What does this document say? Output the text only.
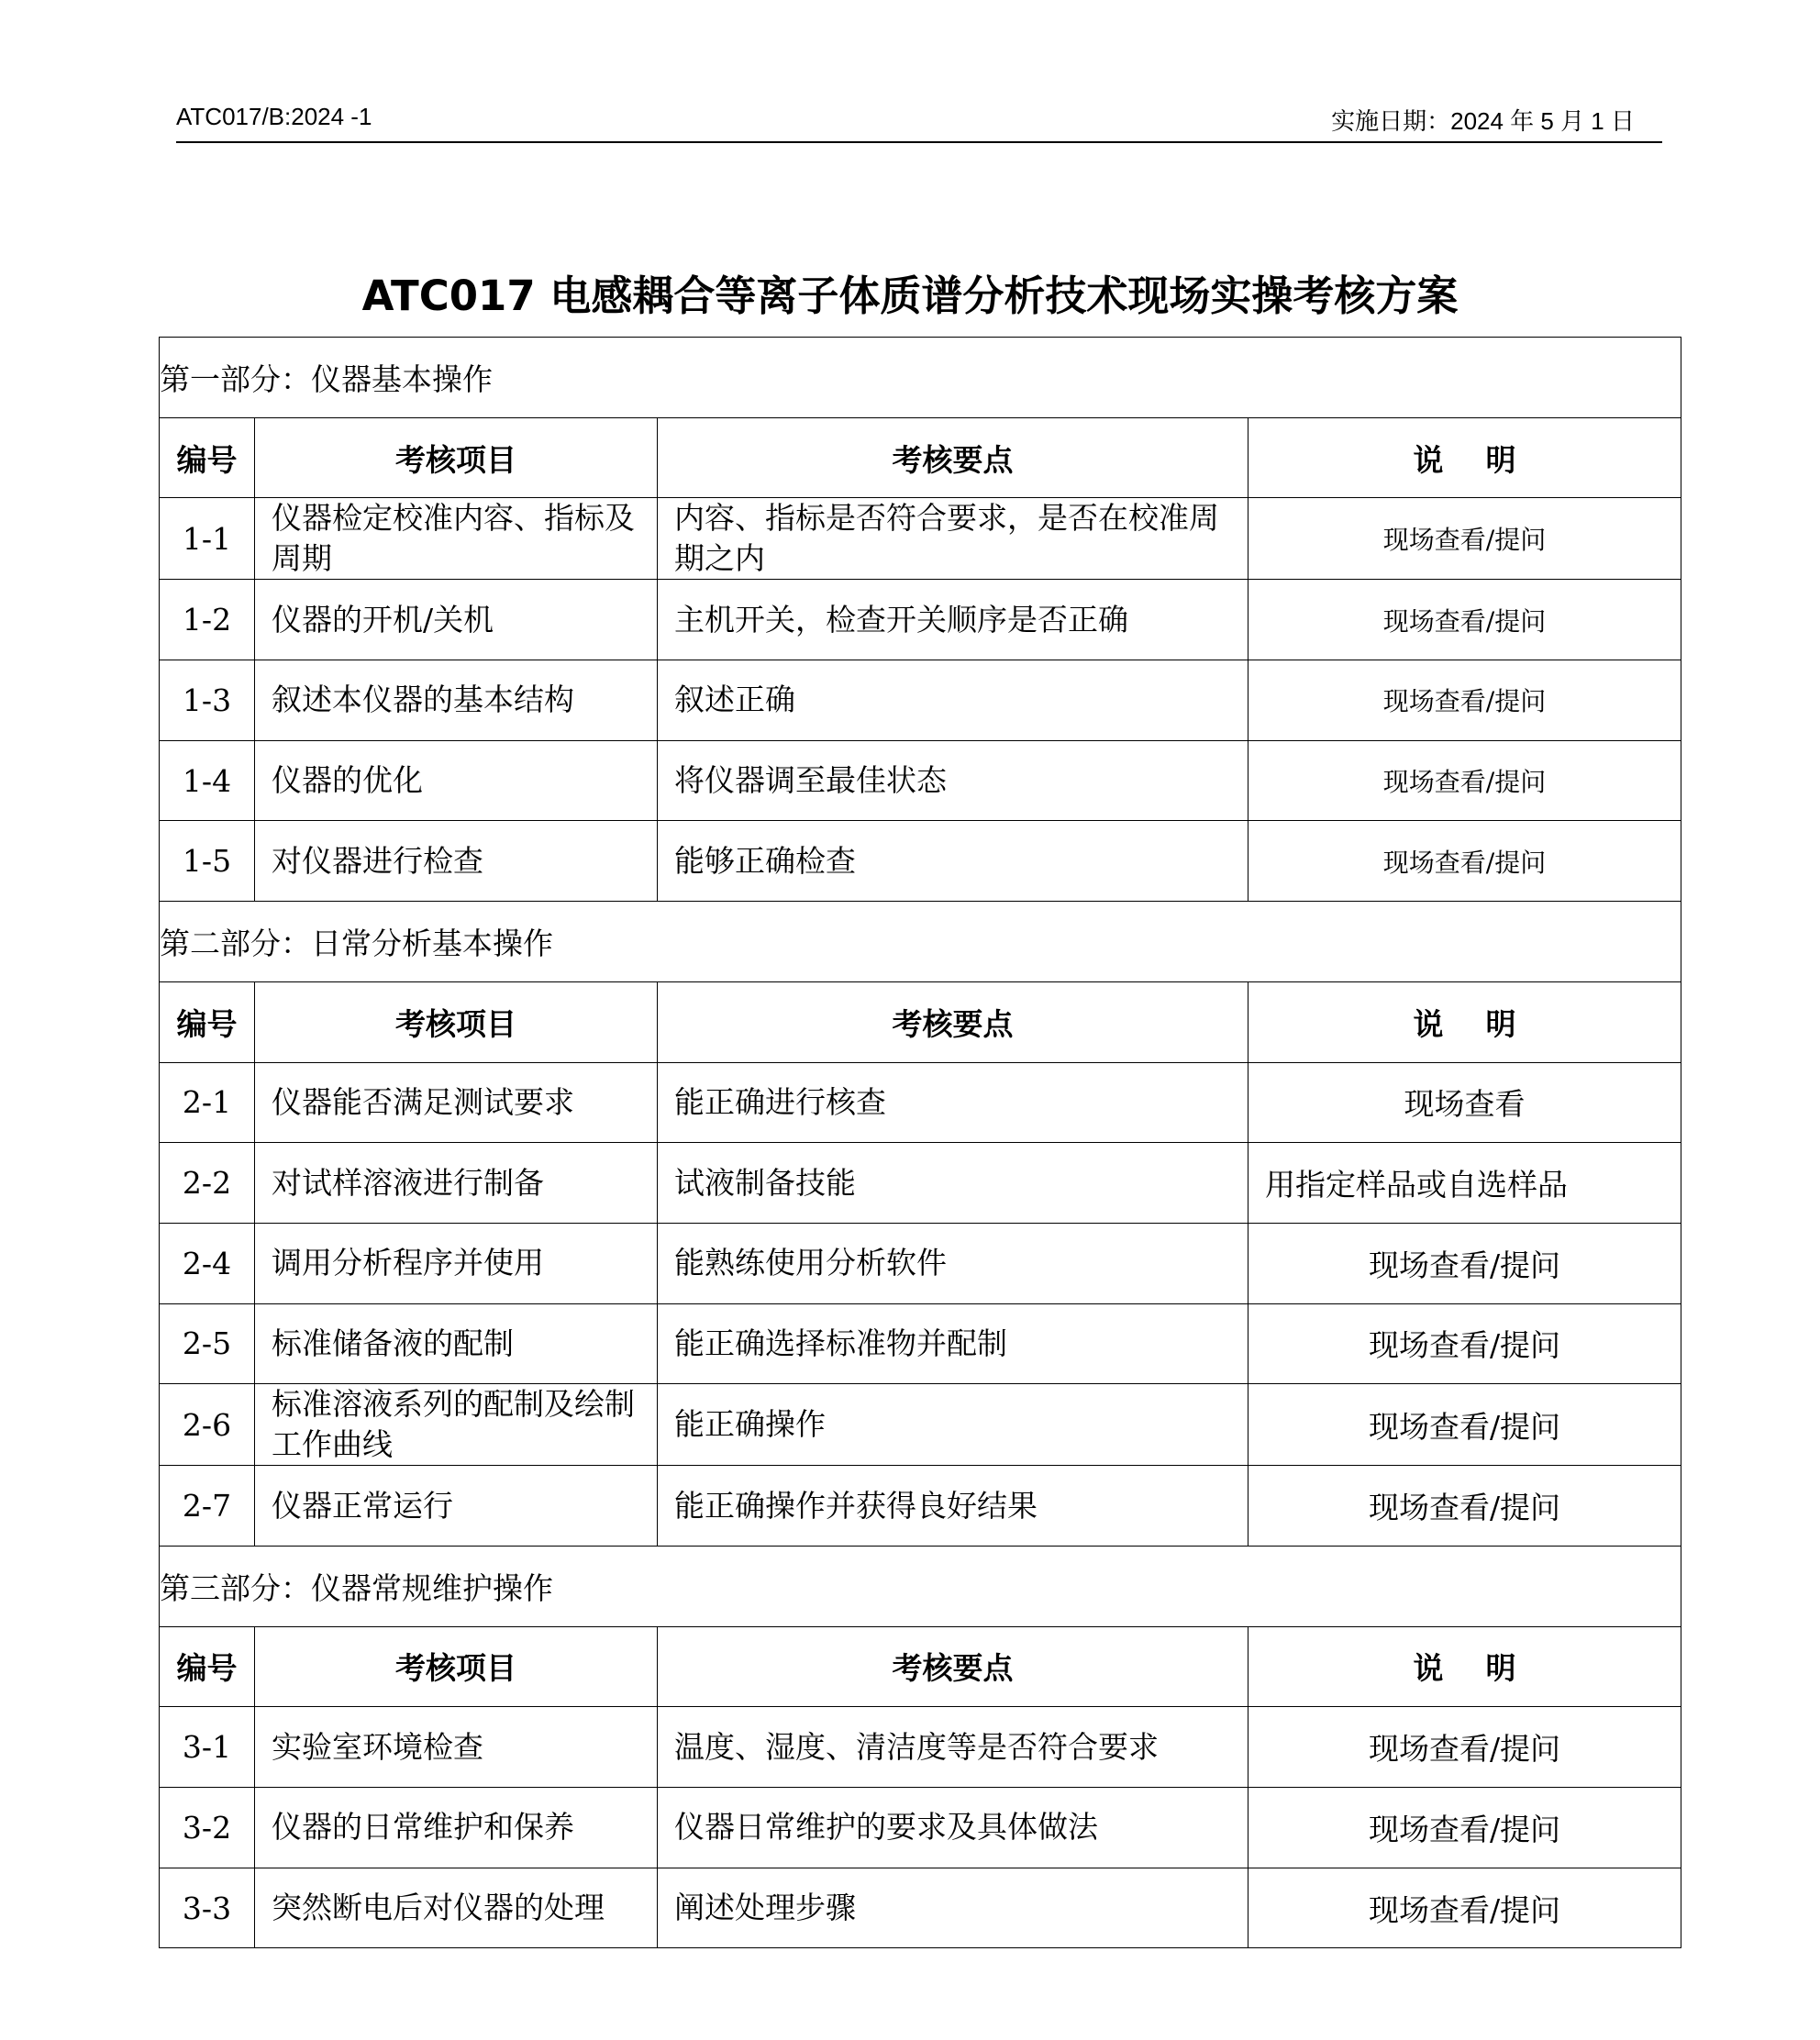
ATC017/B:2024 -1	实施日期：2024 年 5 月 1 日
ATC017 电感耦合等离子体质谱分析技术现场实操考核方案
第一部分：仪器基本操作			
编号	考核项目	考核要点	说    明
1-1	仪器检定校准内容、指标及周期	内容、指标是否符合要求，是否在校准周期之内	现场查看/提问
1-2	仪器的开机/关机	主机开关，检查开关顺序是否正确	现场查看/提问
1-3	叙述本仪器的基本结构	叙述正确	现场查看/提问
1-4	仪器的优化	将仪器调至最佳状态	现场查看/提问
1-5	对仪器进行检查	能够正确检查	现场查看/提问
第二部分：日常分析基本操作			
编号	考核项目	考核要点	说    明
2-1	仪器能否满足测试要求	能正确进行核查	现场查看
2-2	对试样溶液进行制备	试液制备技能	用指定样品或自选样品
2-4	调用分析程序并使用	能熟练使用分析软件	现场查看/提问
2-5	标准储备液的配制	能正确选择标准物并配制	现场查看/提问
2-6	标准溶液系列的配制及绘制工作曲线	能正确操作	现场查看/提问
2-7	仪器正常运行	能正确操作并获得良好结果	现场查看/提问
第三部分：仪器常规维护操作			
编号	考核项目	考核要点	说    明
3-1	实验室环境检查	温度、湿度、清洁度等是否符合要求	现场查看/提问
3-2	仪器的日常维护和保养	仪器日常维护的要求及具体做法	现场查看/提问
3-3	突然断电后对仪器的处理	阐述处理步骤	现场查看/提问
